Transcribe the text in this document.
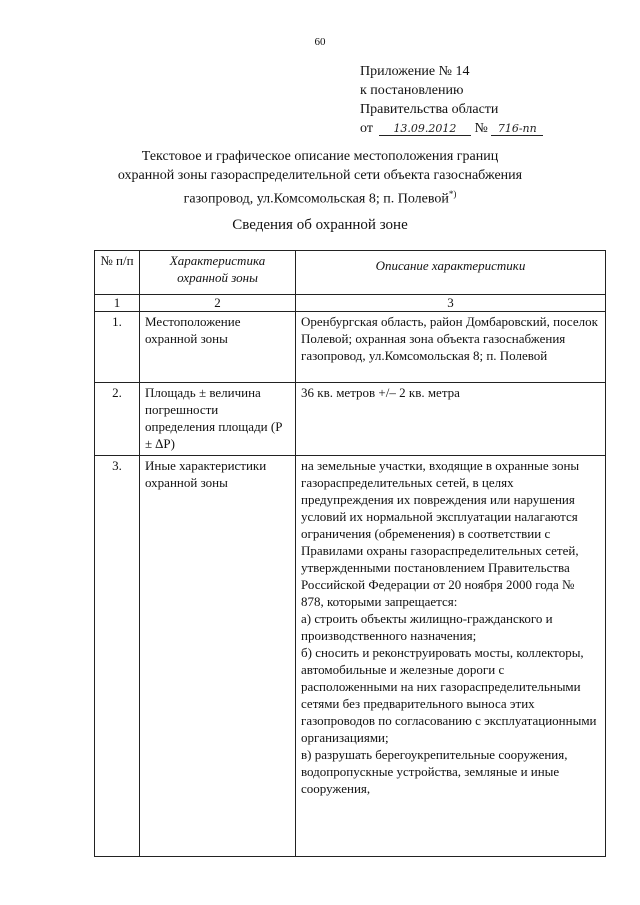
60
Приложение № 14
к постановлению
Правительства области
от 13.09.2012 № 716-пп
Текстовое и графическое описание местоположения границ
охранной зоны газораспределительной сети объекта газоснабжения
газопровод, ул.Комсомольская 8; п. Полевой*)
Сведения об охранной зоне
№ п/п	Характеристика охранной зоны	Описание характеристики
1	2	3
1.	Местоположение охранной зоны	Оренбургская область, район Домбаровский, поселок Полевой; охранная зона объекта газоснабжения газопровод, ул.Комсомольская 8; п. Полевой
2.	Площадь ± величина погрешности определения площади (P ± ∆P)	36 кв. метров +/– 2 кв. метра
3.	Иные характеристики охранной зоны	на земельные участки, входящие в охранные зоны газораспределительных сетей, в целях предупреждения их повреждения или нарушения условий их нормальной эксплуатации налагаются ограничения (обременения) в соответствии с Правилами охраны газораспределительных сетей, утвержденными постановлением Правительства Российской Федерации от 20 ноября 2000 года № 878, которыми запрещается:
а) строить объекты жилищно-гражданского и производственного назначения;
б) сносить и реконструировать мосты, коллекторы, автомобильные и железные дороги с расположенными на них газораспределительными сетями без предварительного выноса этих газопроводов по согласованию с эксплуатационными организациями;
в) разрушать берегоукрепительные сооружения, водопропускные устройства, земляные и иные сооружения,
